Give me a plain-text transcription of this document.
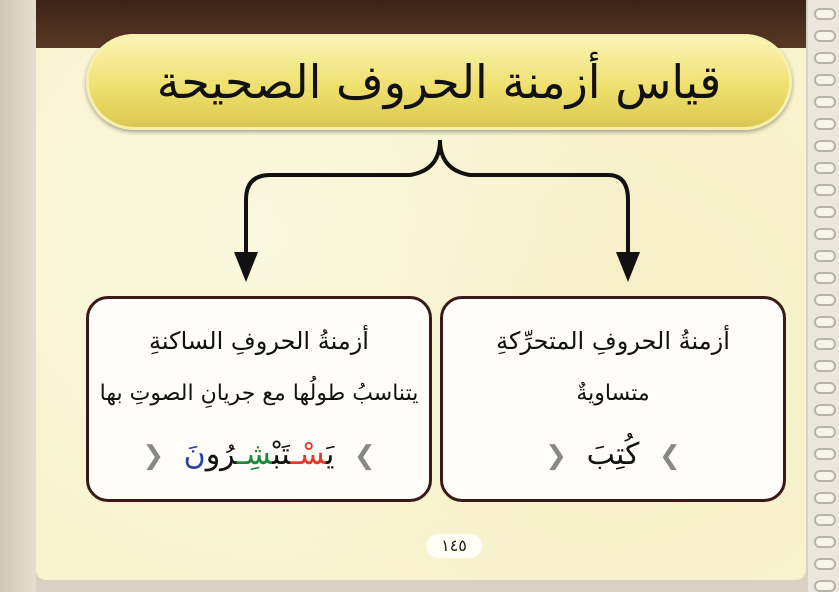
قياس أزمنة الحروف الصحيحة
أزمنةُ الحروفِ المتحرِّكةِ
متساويةٌ
❯ كُتِبَ ❮
أزمنةُ الحروفِ الساكنةِ
يتناسبُ طولُها مع جريانِ الصوتِ بها
❯ يَسْـتَبْشِـرُونَ ❮
١٤٥
